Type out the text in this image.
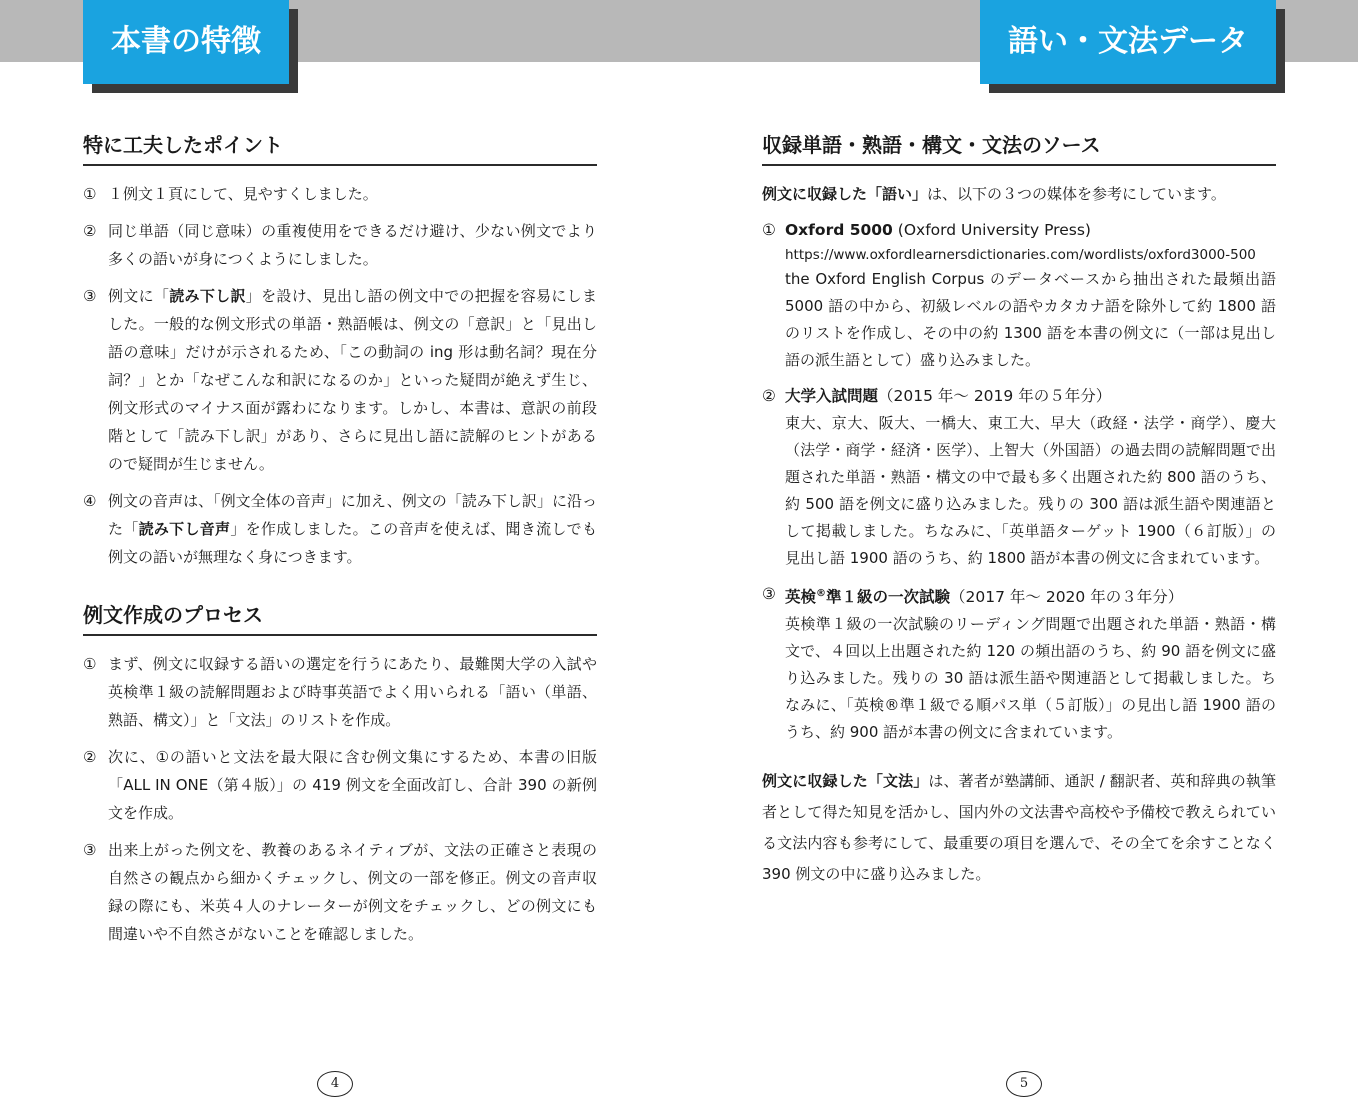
本書の特徴	語い・文法データ
特に工夫したポイント
① １例文１頁にして、見やすくしました。
② 同じ単語（同じ意味）の重複使用をできるだけ避け、少ない例文でより多くの語いが身につくようにしました。
③ 例文に「読み下し訳」を設け、見出し語の例文中での把握を容易にしました。一般的な例文形式の単語・熟語帳は、例文の「意訳」と「見出し語の意味」だけが示されるため、「この動詞の ing 形は動名詞？現在分詞？」とか「なぜこんな和訳になるのか」といった疑問が絶えず生じ、例文形式のマイナス面が露わになります。しかし、本書は、意訳の前段階として「読み下し訳」があり、さらに見出し語に読解のヒントがあるので疑問が生じません。
④ 例文の音声は、「例文全体の音声」に加え、例文の「読み下し訳」に沿った「読み下し音声」を作成しました。この音声を使えば、聞き流しでも例文の語いが無理なく身につきます。
例文作成のプロセス
① まず、例文に収録する語いの選定を行うにあたり、最難関大学の入試や英検準１級の読解問題および時事英語でよく用いられる「語い（単語、熟語、構文）」と「文法」のリストを作成。
② 次に、①の語いと文法を最大限に含む例文集にするため、本書の旧版「ALL IN ONE（第４版）」の 419 例文を全面改訂し、合計 390 の新例文を作成。
③ 出来上がった例文を、教養のあるネイティブが、文法の正確さと表現の自然さの観点から細かくチェックし、例文の一部を修正。例文の音声収録の際にも、米英４人のナレーターが例文をチェックし、どの例文にも間違いや不自然さがないことを確認しました。
収録単語・熟語・構文・文法のソース
例文に収録した「語い」は、以下の３つの媒体を参考にしています。
① Oxford 5000 (Oxford University Press)
https://www.oxfordlearnersdictionaries.com/wordlists/oxford3000-500
the Oxford English Corpus のデータベースから抽出された最頻出語 5000 語の中から、初級レベルの語やカタカナ語を除外して約 1800 語のリストを作成し、その中の約 1300 語を本書の例文に（一部は見出し語の派生語として）盛り込みました。
② 大学入試問題（2015 年～ 2019 年の５年分）
東大、京大、阪大、一橋大、東工大、早大（政経・法学・商学）、慶大（法学・商学・経済・医学）、上智大（外国語）の過去問の読解問題で出題された単語・熟語・構文の中で最も多く出題された約 800 語のうち、約 500 語を例文に盛り込みました。残りの 300 語は派生語や関連語として掲載しました。ちなみに、「英単語ターゲット 1900（６訂版）」の見出し語 1900 語のうち、約 1800 語が本書の例文に含まれています。
③ 英検®準１級の一次試験（2017 年～ 2020 年の３年分）
英検準１級の一次試験のリーディング問題で出題された単語・熟語・構文で、４回以上出題された約 120 の頻出語のうち、約 90 語を例文に盛り込みました。残りの 30 語は派生語や関連語として掲載しました。ちなみに、「英検®準１級でる順パス単（５訂版）」の見出し語 1900 語のうち、約 900 語が本書の例文に含まれています。
例文に収録した「文法」は、著者が塾講師、通訳 / 翻訳者、英和辞典の執筆者として得た知見を活かし、国内外の文法書や高校や予備校で教えられている文法内容も参考にして、最重要の項目を選んで、その全てを余すことなく 390 例文の中に盛り込みました。
4	5
